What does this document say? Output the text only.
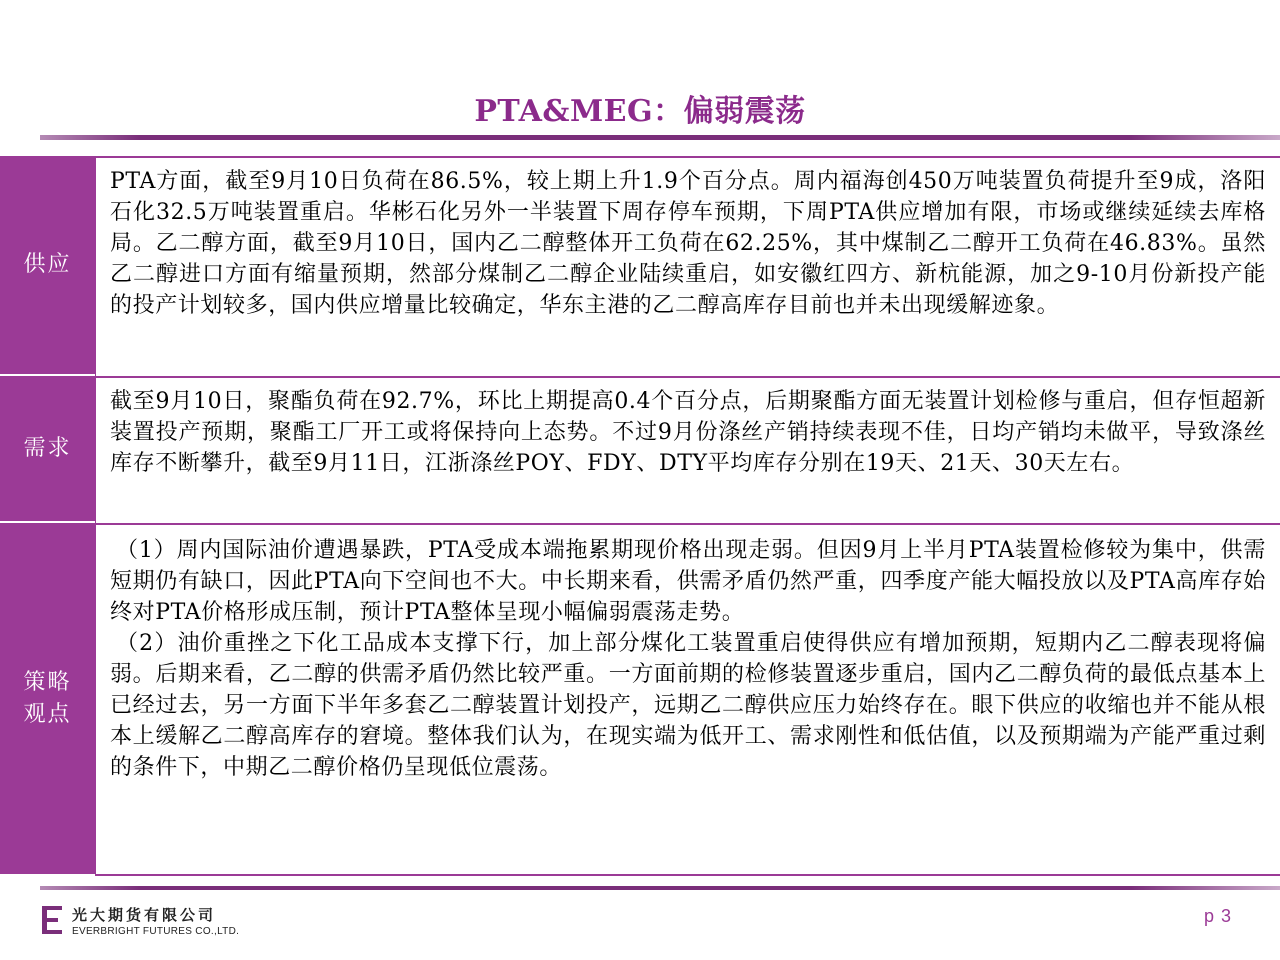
PTA&MEG：偏弱震荡
供应

PTA方面，截至9月10日负荷在86.5%，较上期上升1.9个百分点。周内福海创450万吨装置负荷提升至9成，洛阳石化32.5万吨装置重启。华彬石化另外一半装置下周存停车预期，下周PTA供应增加有限，市场或继续延续去库格局。乙二醇方面，截至9月10日，国内乙二醇整体开工负荷在62.25%，其中煤制乙二醇开工负荷在46.83%。虽然乙二醇进口方面有缩量预期，然部分煤制乙二醇企业陆续重启，如安徽红四方、新杭能源，加之9-10月份新投产能的投产计划较多，国内供应增量比较确定，华东主港的乙二醇高库存目前也并未出现缓解迹象。

需求

截至9月10日，聚酯负荷在92.7%，环比上期提高0.4个百分点，后期聚酯方面无装置计划检修与重启，但存恒超新装置投产预期，聚酯工厂开工或将保持向上态势。不过9月份涤丝产销持续表现不佳，日均产销均未做平，导致涤丝库存不断攀升，截至9月11日，江浙涤丝POY、FDY、DTY平均库存分别在19天、21天、30天左右。

策略
观点

（1）周内国际油价遭遇暴跌，PTA受成本端拖累期现价格出现走弱。但因9月上半月PTA装置检修较为集中，供需短期仍有缺口，因此PTA向下空间也不大。中长期来看，供需矛盾仍然严重，四季度产能大幅投放以及PTA高库存始终对PTA价格形成压制，预计PTA整体呈现小幅偏弱震荡走势。

（2）油价重挫之下化工品成本支撑下行，加上部分煤化工装置重启使得供应有增加预期，短期内乙二醇表现将偏弱。后期来看，乙二醇的供需矛盾仍然比较严重。一方面前期的检修装置逐步重启，国内乙二醇负荷的最低点基本上已经过去，另一方面下半年多套乙二醇装置计划投产，远期乙二醇供应压力始终存在。眼下供应的收缩也并不能从根本上缓解乙二醇高库存的窘境。整体我们认为，在现实端为低开工、需求刚性和低估值，以及预期端为产能严重过剩的条件下，中期乙二醇价格仍呈现低位震荡。

光大期货有限公司
EVERBRIGHT FUTURES CO.,LTD.
p 3
